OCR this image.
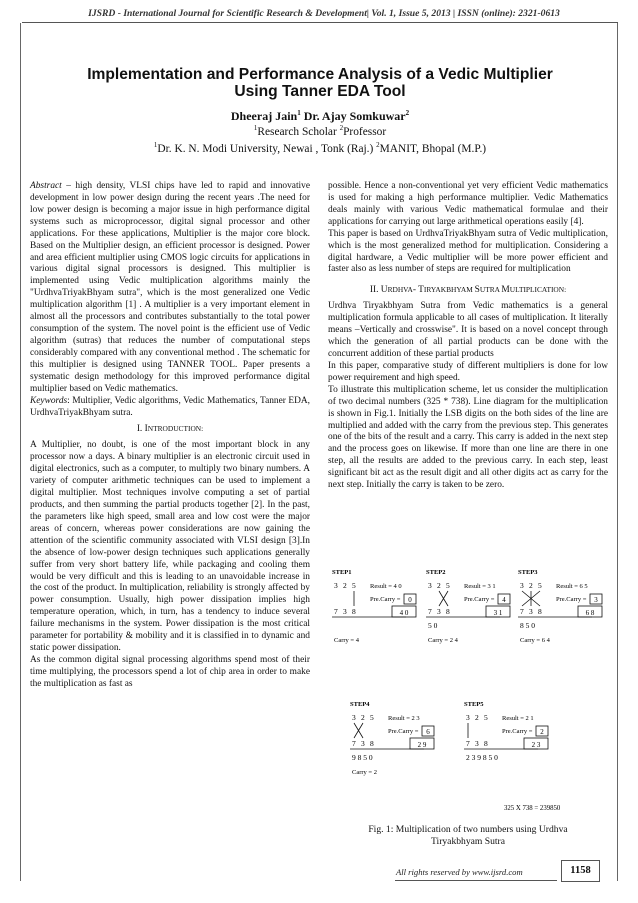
IJSRD - International Journal for Scientific Research & Development| Vol. 1, Issue 5, 2013 | ISSN (online): 2321-0613
Implementation and Performance Analysis of a Vedic Multiplier
Using Tanner EDA Tool
Dheeraj Jain$^1$ Dr. Ajay Somkuwar$^2$
$^1$Research Scholar $^2$Professor
$^1$Dr. K. N. Modi University, Newai , Tonk (Raj.) $^2$MANIT, Bhopal (M.P.)

Abstract – high density, VLSI chips have led to rapid and innovative development in low power design during the recent years .The need for low power design is becoming a major issue in high performance digital systems such as microprocessor, digital signal processor and other applications. For these applications, Multiplier is the major core block. Based on the Multiplier design, an efficient processor is designed. Power and area efficient multiplier using CMOS logic circuits for applications in various digital signal processors is designed. This multiplier is implemented using Vedic multiplication algorithms mainly the "UrdhvaTriyakBhyam sutra", which is the most generalized one Vedic multiplication algorithm [1] . A multiplier is a very important element in almost all the processors and contributes substantially to the total power consumption of the system. The novel point is the efficient use of Vedic algorithm (sutras) that reduces the number of computational steps considerably compared with any conventional method . The schematic for this multiplier is designed using TANNER TOOL. Paper presents a systematic design methodology for this improved performance digital multiplier based on Vedic mathematics.

Keywords: Multiplier, Vedic algorithms, Vedic Mathematics, Tanner EDA, UrdhvaTriyakBhyam sutra.

I. INTRODUCTION:

A Multiplier, no doubt, is one of the most important block in any processor now a days. A binary multiplier is an electronic circuit used in digital electronics, such as a computer, to multiply two binary numbers. A variety of computer arithmetic techniques can be used to implement a digital multiplier. Most techniques involve computing a set of partial products, and then summing the partial products together [2]. In the past, the parameters like high speed, small area and low cost were the major areas of concern, whereas power considerations are now gaining the attention of the scientific community associated with VLSI design [3].In the absence of low-power design techniques such applications generally suffer from very short battery life, while packaging and cooling them would be very difficult and this is leading to an unavoidable increase in the cost of the product. In multiplication, reliability is strongly affected by power consumption. Usually, high power dissipation implies high temperature operation, which, in turn, has a tendency to induce several failure mechanisms in the system. Power dissipation is the most critical parameter for portability & mobility and it is classified in to dynamic and static power dissipation.

As the common digital signal processing algorithms spend most of their time multiplying, the processors spend a lot of chip area in order to make the multiplication as fast as

possible. Hence a non-conventional yet very efficient Vedic mathematics is used for making a high performance multiplier. Vedic Mathematics deals mainly with various Vedic mathematical formulae and their applications for carrying out large arithmetical operations easily [4].

This paper is based on UrdhvaTriyakBhyam sutra of Vedic multiplication, which is the most generalized method for multiplication. Considering a digital hardware, a Vedic multiplier will be more power efficient and faster also as less number of steps are required for multiplication

II. URDHVA- TIRYAKBHYAM SUTRA MULTIPLICATION:

Urdhva Tiryakbhyam Sutra from Vedic mathematics is a general multiplication formula applicable to all cases of multiplication. It literally means –Vertically and crosswise". It is based on a novel concept through which the generation of all partial products can be done with the concurrent addition of these partial products

In this paper, comparative study of different multipliers is done for low power requirement and high speed.

To illustrate this multiplication scheme, let us consider the multiplication of two decimal numbers (325 * 738). Line diagram for the multiplication is shown in Fig.1. Initially the LSB digits on the both sides of the line are multiplied and added with the carry from the previous step. This generates one of the bits of the result and a carry. This carry is added in the next step and the process goes on likewise. If more than one line are there in one step, all the results are added to the previous carry. In each step, least significant bit act as the result digit and all other digits act as carry for the next step. Initially the carry is taken to be zero.

STEP1
3 2 5
7 3 8
Result = 4 0
Pre.Carry = 0
4 0
Carry = 4
STEP2
3 2 5
7 3 8
Result = 3 1
Pre.Carry = 4
3 1
5 0
Carry = 2 4
STEP3
3 2 5
7 3 8
Result = 6 5
Pre.Carry = 3
6 8
8 5 0
Carry = 6 4
STEP4
3 2 5
7 3 8
Result = 2 3
Pre.Carry = 6
2 9
9 8 5 0
Carry = 2
STEP5
3 2 5
7 3 8
Result = 2 1
Pre.Carry = 2
2 3
2 3 9 8 5 0
325 X 738 = 239850
Fig. 1: Multiplication of two numbers using Urdhva
Tiryakbhyam Sutra
All rights reserved by www.ijsrd.com	1158
